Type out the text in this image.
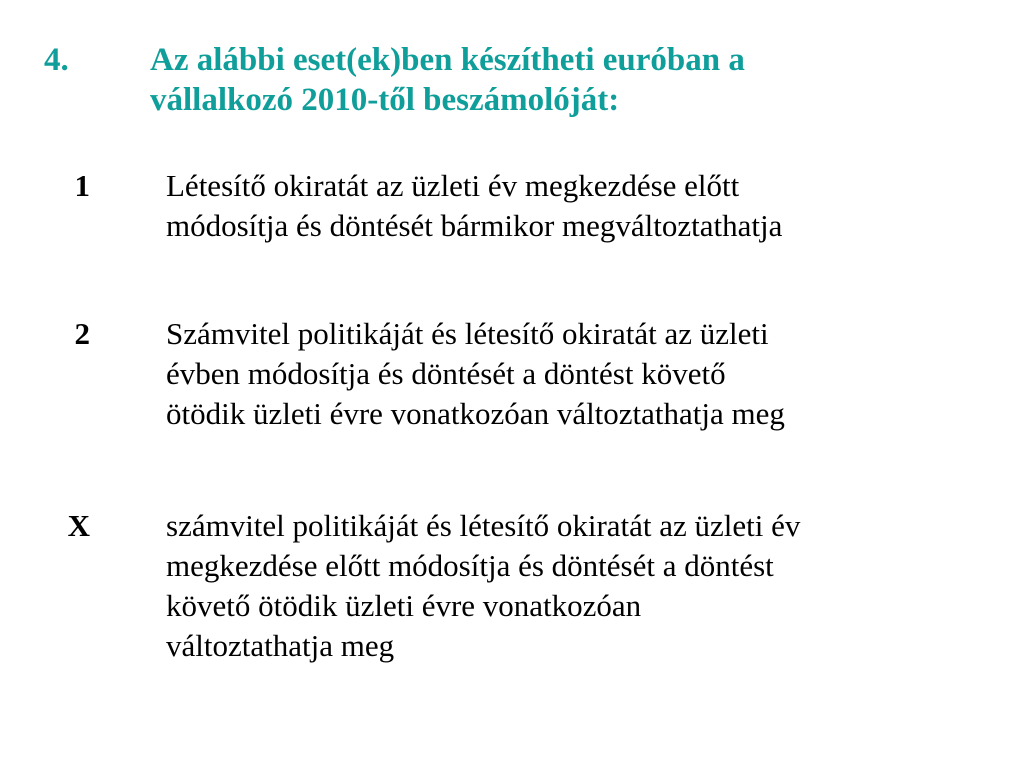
4. Az alábbi eset(ek)ben készítheti euróban a
vállalkozó 2010-től beszámolóját:
1 Létesítő okiratát az üzleti év megkezdése előtt
módosítja és döntését bármikor megváltoztathatja
2 Számvitel politikáját és létesítő okiratát az üzleti
évben módosítja és döntését a döntést követő
ötödik üzleti évre vonatkozóan változtathatja meg
X számvitel politikáját és létesítő okiratát az üzleti év
megkezdése előtt módosítja és döntését a döntést
követő ötödik üzleti évre vonatkozóan
változtathatja meg
